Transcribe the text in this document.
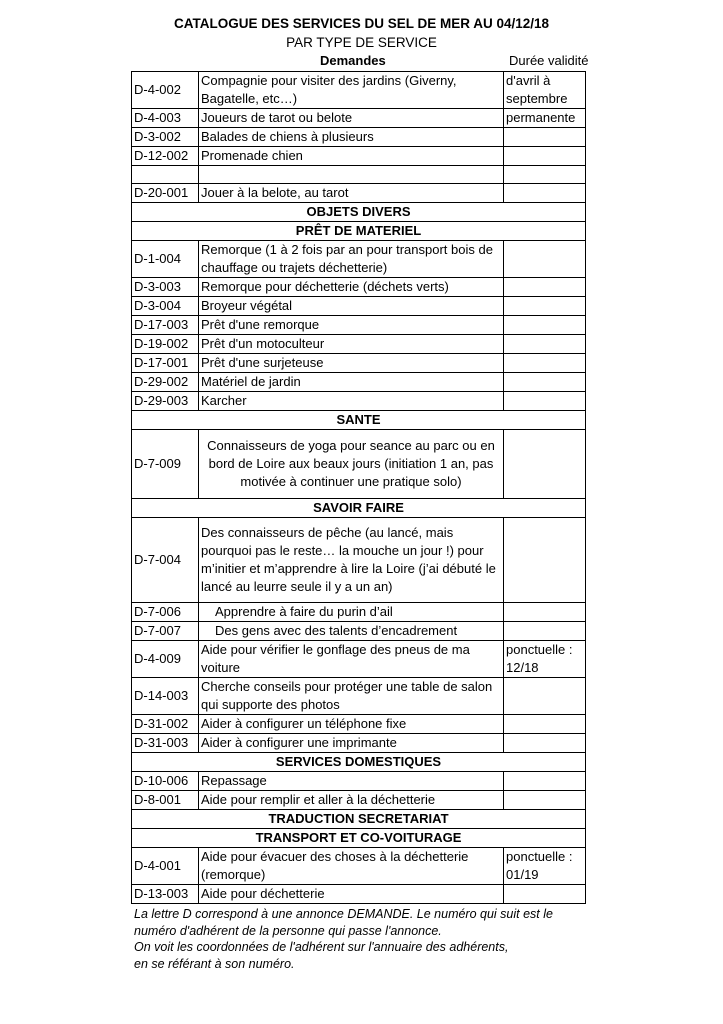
CATALOGUE DES SERVICES DU SEL DE MER AU 04/12/18
PAR TYPE DE SERVICE
Demandes	Durée validité
D-4-002	Compagnie pour visiter des jardins (Giverny, Bagatelle, etc…)	d'avril à septembre
D-4-003	Joueurs de tarot ou belote	permanente
D-3-002	Balades de chiens à plusieurs	
D-12-002	Promenade chien	

D-20-001	Jouer à la belote, au tarot	
OBJETS DIVERS		
PRÊT DE MATERIEL		
D-1-004	Remorque (1 à 2 fois par an pour transport bois de chauffage ou trajets déchetterie)	
D-3-003	Remorque pour déchetterie (déchets verts)	
D-3-004	Broyeur végétal	
D-17-003	Prêt d'une remorque	
D-19-002	Prêt d'un motoculteur	
D-17-001	Prêt d'une surjeteuse	
D-29-002	Matériel de jardin	
D-29-003	Karcher	
SANTE		
D-7-009	Connaisseurs de yoga pour seance au parc ou en bord de Loire aux beaux jours (initiation 1 an, pas motivée à continuer une pratique solo)	
SAVOIR FAIRE		
D-7-004	Des connaisseurs de pêche (au lancé, mais pourquoi pas le reste… la mouche un jour !) pour m’initier et m’apprendre à lire la Loire (j’ai débuté le lancé au leurre seule il y a un an)	
D-7-006	Apprendre à faire du purin d’ail	
D-7-007	Des gens avec des talents d’encadrement	
D-4-009	Aide pour vérifier le gonflage des pneus de ma voiture	ponctuelle : 12/18
D-14-003	Cherche conseils pour protéger une table de salon qui supporte des photos	
D-31-002	Aider à configurer un téléphone fixe	
D-31-003	Aider à configurer une imprimante	
SERVICES DOMESTIQUES		
D-10-006	Repassage	
D-8-001	Aide pour remplir et aller à la déchetterie	
TRADUCTION SECRETARIAT		
TRANSPORT ET CO-VOITURAGE		
D-4-001	Aide pour évacuer des choses à la déchetterie (remorque)	ponctuelle : 01/19
D-13-003	Aide pour déchetterie	
La lettre D correspond à une annonce DEMANDE. Le numéro qui suit est le
numéro d'adhérent de la personne qui passe l'annonce.
On voit les coordonnées de l'adhérent sur l'annuaire des adhérents,
en se référant à son numéro.
